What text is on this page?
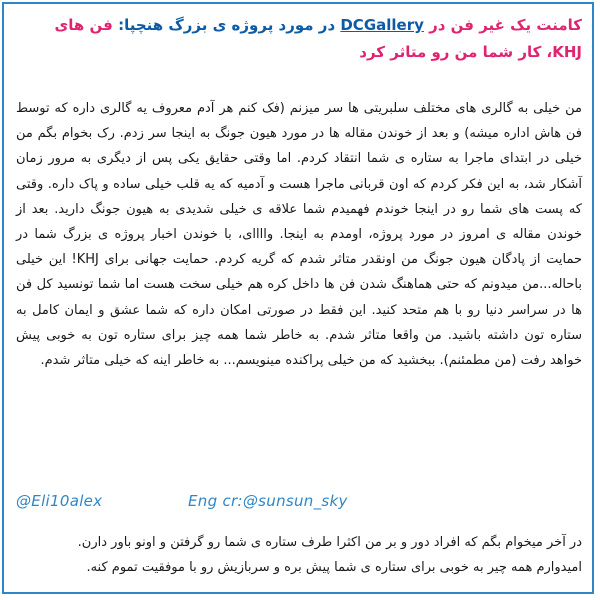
کامنت یک غیر فن در DCGallery در مورد پروژه ی بزرگ هنچپا: فن های KHJ، کار شما من رو متاثر کرد

من خیلی به گالری های مختلف سلبریتی ها سر میزنم (فک کنم هر آدم معروف یه گالری داره که توسط فن هاش اداره میشه) و بعد از خوندن مقاله ها در مورد هیون جونگ به اینجا سر زدم. رک بخوام بگم من خیلی در ابتدای ماجرا به ستاره ی شما انتقاد کردم. اما وقتی حقایق یکی پس از دیگری به مرور زمان آشکار شد، به این فکر کردم که اون قربانی ماجرا هست و آدمیه که یه قلب خیلی ساده و پاک داره. وقتی که پست های شما رو در اینجا خوندم فهمیدم شما علاقه ی خیلی شدیدی به هیون جونگ دارید. بعد از خوندن مقاله ی امروز در مورد پروژه، اومدم به اینجا. واااای، با خوندن اخبار پروژه ی بزرگ شما در حمایت از پادگان هیون جونگ من اونقدر متاثر شدم که گریه کردم. حمایت جهانی برای KHJ! این خیلی باحاله...من میدونم که حتی هماهنگ شدن فن ها داخل کره هم خیلی سخت هست اما شما تونسید کل فن ها در سراسر دنیا رو با هم متحد کنید. این فقط در صورتی امکان داره که شما عشق و ایمان کامل به ستاره تون داشته باشید. من واقعا متاثر شدم. به خاطر شما همه چیز برای ستاره تون به خوبی پیش خواهد رفت (من مطمئنم). ببخشید که من خیلی پراکنده مینویسم... به خاطر اینه که خیلی متاثر شدم.

@Eli10alex	Eng cr:@sunsun_sky

در آخر میخوام بگم که افراد دور و بر من اکثرا طرف ستاره ی شما رو گرفتن و اونو باور دارن.

امیدوارم همه چیر به خوبی برای ستاره ی شما پیش بره و سربازیش رو با موفقیت تموم کنه.
